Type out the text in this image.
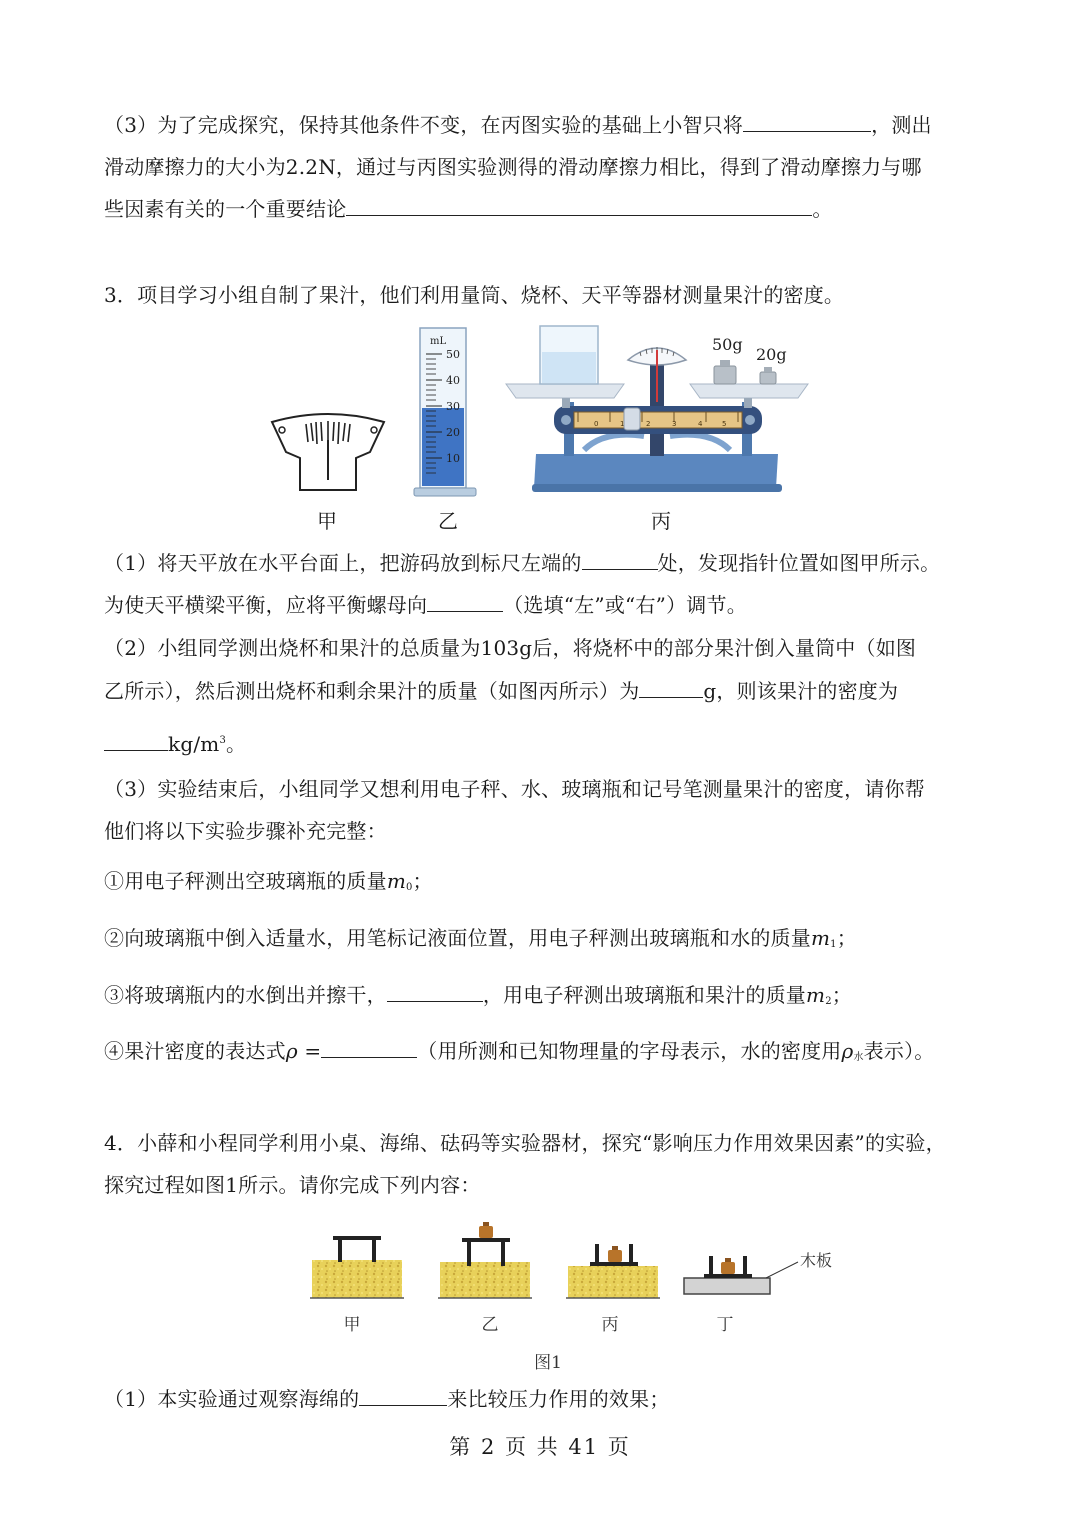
（3）为了完成探究，保持其他条件不变，在丙图实验的基础上小智只将	，测出
滑动摩擦力的大小为2.2N，通过与丙图实验测得的滑动摩擦力相比，得到了滑动摩擦力与哪
些因素有关的一个重要结论	。
3．项目学习小组自制了果汁，他们利用量筒、烧杯、天平等器材测量果汁的密度。
甲
mL
50
40
30
20
10
乙
0	1	2	3	4	5
50g
20g
丙
（1）将天平放在水平台面上，把游码放到标尺左端的	处，发现指针位置如图甲所示。
为使天平横梁平衡，应将平衡螺母向	（选填“左”或“右”）调节。
（2）小组同学测出烧杯和果汁的总质量为103g后，将烧杯中的部分果汁倒入量筒中（如图
乙所示），然后测出烧杯和剩余果汁的质量（如图丙所示）为	g，则该果汁的密度为
$kg/m^3$。
（3）实验结束后，小组同学又想利用电子秤、水、玻璃瓶和记号笔测量果汁的密度，请你帮
他们将以下实验步骤补充完整：
①用电子秤测出空玻璃瓶的质量$m_0$；
②向玻璃瓶中倒入适量水，用笔标记液面位置，用电子秤测出玻璃瓶和水的质量$m_1$；
③将玻璃瓶内的水倒出并擦干，	，用电子秤测出玻璃瓶和果汁的质量$m_2$；
④果汁密度的表达式ρ =	（用所测和已知物理量的字母表示，水的密度用$\rho_水$表示）。
4．小薛和小程同学利用小桌、海绵、砝码等实验器材，探究“影响压力作用效果因素”的实验，
探究过程如图1所示。请你完成下列内容：
木板
甲	乙	丙	丁
图1
（1）本实验通过观察海绵的	来比较压力作用的效果；
第 2 页 共 41 页
